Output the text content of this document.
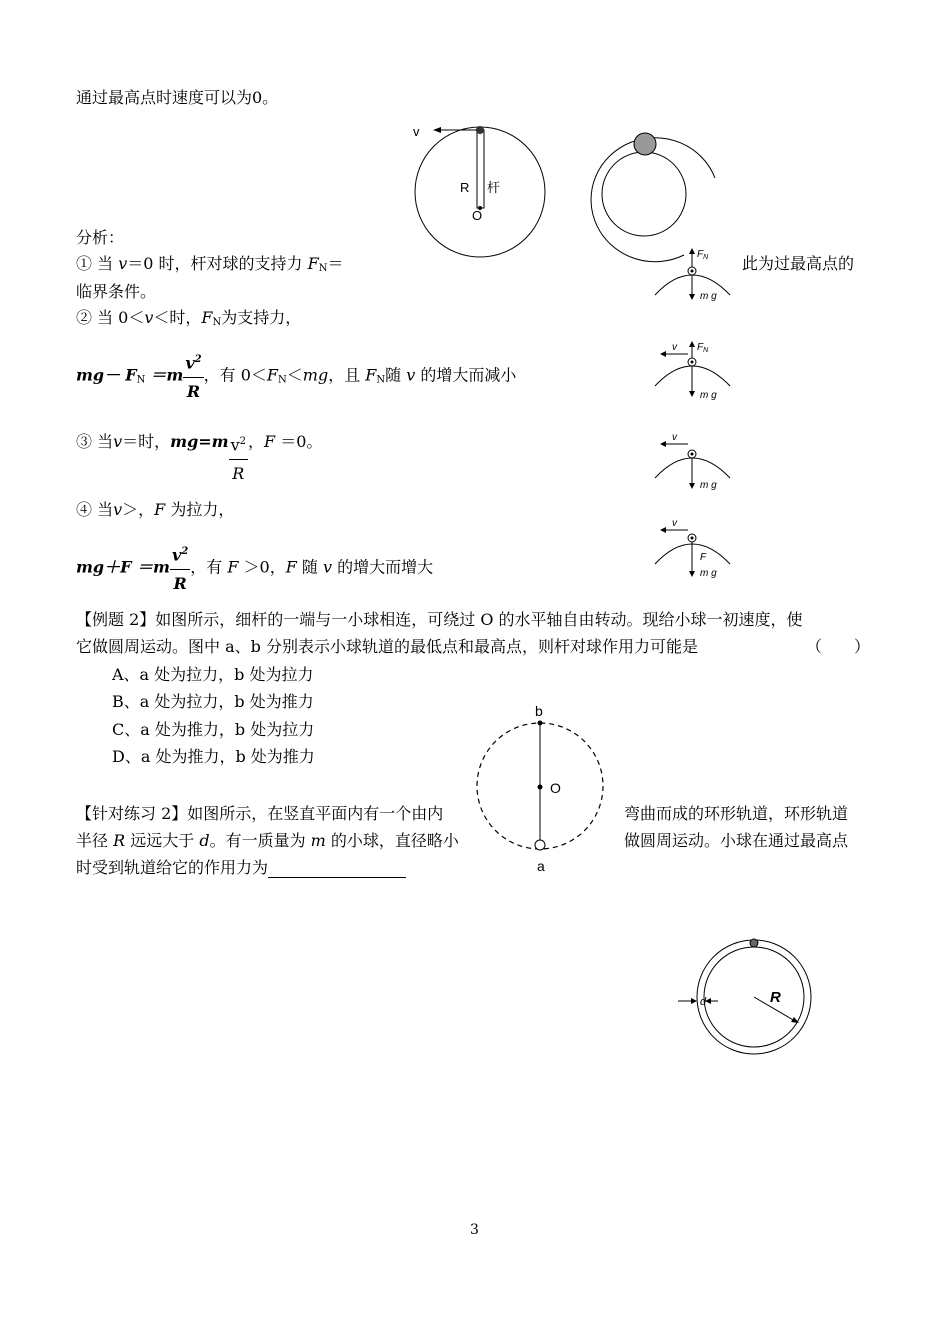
通过最高点时速度可以为0。
v
R 杆
O
分析：
① 当 v＝0 时，杆对球的支持力 $F_N=$	此为过最高点的
临界条件。
$F_N$
m g
② 当 0＜v＜时，$F_N$为支持力，
$mg- F_N =m \frac{v^2}{R}$ ，有 $0<F_N<mg$，且 $F_N$随 v 的增大而减小
v $F_N$
m g
③ 当v＝时，$mg=m \frac{v^2}{R}$ ，F ＝0。	v
m g
④ 当v＞，F 为拉力，
$mg+F =m \frac{v^2}{R}$ ，有 F ＞0，F 随 v 的增大而增大
v
F
m g
【例题 2】如图所示，细杆的一端与一小球相连，可绕过 O 的水平轴自由转动。现给小球一初速度，使
它做圆周运动。图中 a、b 分别表示小球轨道的最低点和最高点，则杆对球作用力可能是	（　　）
A、a 处为拉力，b 处为拉力
B、a 处为拉力，b 处为推力
C、a 处为推力，b 处为拉力
D、a 处为推力，b 处为推力
【针对练习 2】如图所示，在竖直平面内有一个由内	弯曲而成的环形轨道，环形轨道
半径 R 远远大于 d。有一质量为 m 的小球，直径略小	做圆周运动。小球在通过最高点
时受到轨道给它的作用力为
b
O
a
d	R
3
